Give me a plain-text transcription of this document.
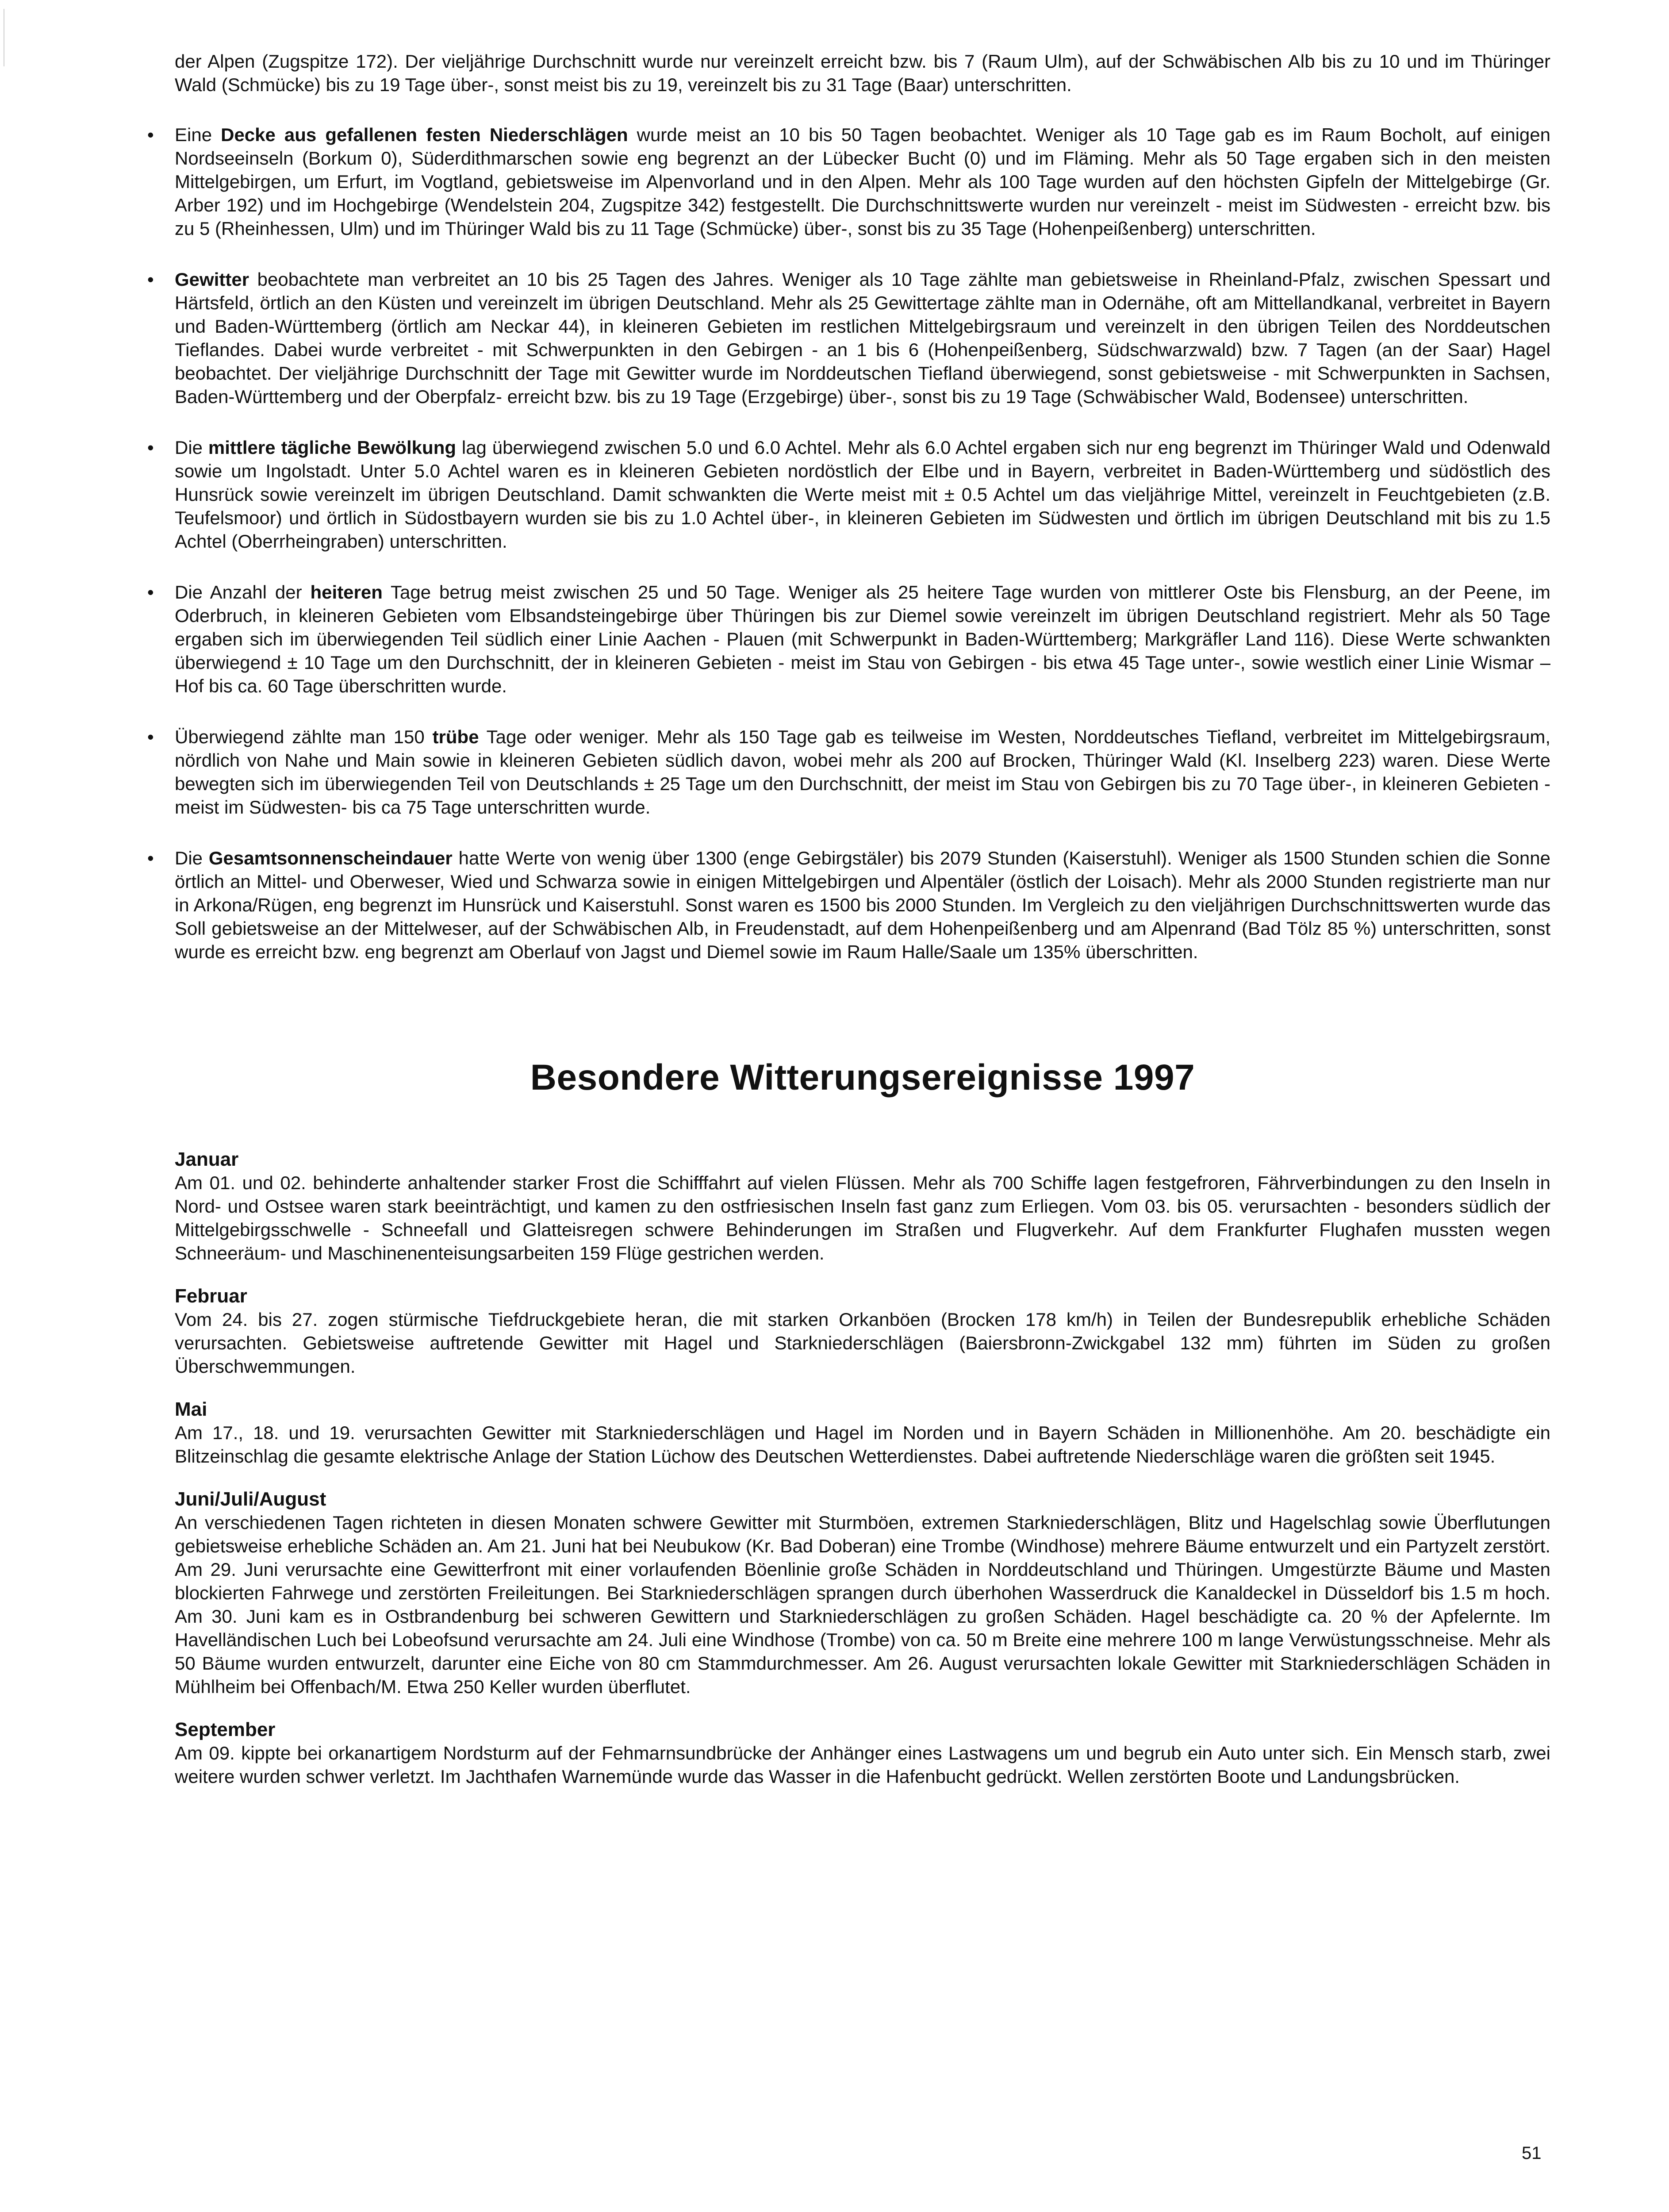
der Alpen (Zugspitze 172). Der vieljährige Durchschnitt wurde nur vereinzelt erreicht bzw. bis 7 (Raum Ulm), auf der Schwäbischen Alb bis zu 10 und im Thüringer Wald (Schmücke) bis zu 19 Tage über-, sonst meist bis zu 19, vereinzelt bis zu 31 Tage (Baar) unterschritten.

• Eine Decke aus gefallenen festen Niederschlägen wurde meist an 10 bis 50 Tagen beobachtet. Weniger als 10 Tage gab es im Raum Bocholt, auf einigen Nordseeinseln (Borkum 0), Süderdithmarschen sowie eng begrenzt an der Lübecker Bucht (0) und im Fläming. Mehr als 50 Tage ergaben sich in den meisten Mittelgebirgen, um Erfurt, im Vogtland, gebietsweise im Alpenvorland und in den Alpen. Mehr als 100 Tage wurden auf den höchsten Gipfeln der Mittelgebirge (Gr. Arber 192) und im Hochgebirge (Wendelstein 204, Zugspitze 342) festgestellt. Die Durchschnittswerte wurden nur vereinzelt - meist im Südwesten - erreicht bzw. bis zu 5 (Rheinhessen, Ulm) und im Thüringer Wald bis zu 11 Tage (Schmücke) über-, sonst bis zu 35 Tage (Hohenpeißenberg) unterschritten.

• Gewitter beobachtete man verbreitet an 10 bis 25 Tagen des Jahres. Weniger als 10 Tage zählte man gebietsweise in Rheinland-Pfalz, zwischen Spessart und Härtsfeld, örtlich an den Küsten und vereinzelt im übrigen Deutschland. Mehr als 25 Gewittertage zählte man in Odernähe, oft am Mittellandkanal, verbreitet in Bayern und Baden-Württemberg (örtlich am Neckar 44), in kleineren Gebieten im restlichen Mittelgebirgsraum und vereinzelt in den übrigen Teilen des Norddeutschen Tieflandes. Dabei wurde verbreitet - mit Schwerpunkten in den Gebirgen - an 1 bis 6 (Hohenpeißenberg, Südschwarzwald) bzw. 7 Tagen (an der Saar) Hagel beobachtet. Der vieljährige Durchschnitt der Tage mit Gewitter wurde im Norddeutschen Tiefland überwiegend, sonst gebietsweise - mit Schwerpunkten in Sachsen, Baden-Württemberg und der Oberpfalz- erreicht bzw. bis zu 19 Tage (Erzgebirge) über-, sonst bis zu 19 Tage (Schwäbischer Wald, Bodensee) unterschritten.

• Die mittlere tägliche Bewölkung lag überwiegend zwischen 5.0 und 6.0 Achtel. Mehr als 6.0 Achtel ergaben sich nur eng begrenzt im Thüringer Wald und Odenwald sowie um Ingolstadt. Unter 5.0 Achtel waren es in kleineren Gebieten nordöstlich der Elbe und in Bayern, verbreitet in Baden-Württemberg und südöstlich des Hunsrück sowie vereinzelt im übrigen Deutschland. Damit schwankten die Werte meist mit ± 0.5 Achtel um das vieljährige Mittel, vereinzelt in Feuchtgebieten (z.B. Teufelsmoor) und örtlich in Südostbayern wurden sie bis zu 1.0 Achtel über-, in kleineren Gebieten im Südwesten und örtlich im übrigen Deutschland mit bis zu 1.5 Achtel (Oberrheingraben) unterschritten.

• Die Anzahl der heiteren Tage betrug meist zwischen 25 und 50 Tage. Weniger als 25 heitere Tage wurden von mittlerer Oste bis Flensburg, an der Peene, im Oderbruch, in kleineren Gebieten vom Elbsandsteingebirge über Thüringen bis zur Diemel sowie vereinzelt im übrigen Deutschland registriert. Mehr als 50 Tage ergaben sich im überwiegenden Teil südlich einer Linie Aachen - Plauen (mit Schwerpunkt in Baden-Württemberg; Markgräfler Land 116). Diese Werte schwankten überwiegend ± 10 Tage um den Durchschnitt, der in kleineren Gebieten - meist im Stau von Gebirgen - bis etwa 45 Tage unter-, sowie westlich einer Linie Wismar – Hof bis ca. 60 Tage überschritten wurde.

• Überwiegend zählte man 150 trübe Tage oder weniger. Mehr als 150 Tage gab es teilweise im Westen, Norddeutsches Tiefland, verbreitet im Mittelgebirgsraum, nördlich von Nahe und Main sowie in kleineren Gebieten südlich davon, wobei mehr als 200 auf Brocken, Thüringer Wald (Kl. Inselberg 223) waren. Diese Werte bewegten sich im überwiegenden Teil von Deutschlands ± 25 Tage um den Durchschnitt, der meist im Stau von Gebirgen bis zu 70 Tage über-, in kleineren Gebieten -meist im Südwesten- bis ca 75 Tage unterschritten wurde.

• Die Gesamtsonnenscheindauer hatte Werte von wenig über 1300 (enge Gebirgstäler) bis 2079 Stunden (Kaiserstuhl). Weniger als 1500 Stunden schien die Sonne örtlich an Mittel- und Oberweser, Wied und Schwarza sowie in einigen Mittelgebirgen und Alpentäler (östlich der Loisach). Mehr als 2000 Stunden registrierte man nur in Arkona/Rügen, eng begrenzt im Hunsrück und Kaiserstuhl. Sonst waren es 1500 bis 2000 Stunden. Im Vergleich zu den vieljährigen Durchschnittswerten wurde das Soll gebietsweise an der Mittelweser, auf der Schwäbischen Alb, in Freudenstadt, auf dem Hohenpeißenberg und am Alpenrand (Bad Tölz 85 %) unterschritten, sonst wurde es erreicht bzw. eng begrenzt am Oberlauf von Jagst und Diemel sowie im Raum Halle/Saale um 135% überschritten.

Besondere Witterungsereignisse 1997
Januar

Am 01. und 02. behinderte anhaltender starker Frost die Schifffahrt auf vielen Flüssen. Mehr als 700 Schiffe lagen festgefroren, Fährverbindungen zu den Inseln in Nord- und Ostsee waren stark beeinträchtigt, und kamen zu den ostfriesischen Inseln fast ganz zum Erliegen. Vom 03. bis 05. verursachten - besonders südlich der Mittelgebirgsschwelle - Schneefall und Glatteisregen schwere Behinderungen im Straßen und Flugverkehr. Auf dem Frankfurter Flughafen mussten wegen Schneeräum- und Maschinenenteisungsarbeiten 159 Flüge gestrichen werden.

Februar

Vom 24. bis 27. zogen stürmische Tiefdruckgebiete heran, die mit starken Orkanböen (Brocken 178 km/h) in Teilen der Bundesrepublik erhebliche Schäden verursachten. Gebietsweise auftretende Gewitter mit Hagel und Starkniederschlägen (Baiersbronn-Zwickgabel 132 mm) führten im Süden zu großen Überschwemmungen.

Mai

Am 17., 18. und 19. verursachten Gewitter mit Starkniederschlägen und Hagel im Norden und in Bayern Schäden in Millionenhöhe. Am 20. beschädigte ein Blitzeinschlag die gesamte elektrische Anlage der Station Lüchow des Deutschen Wetterdienstes. Dabei auftretende Niederschläge waren die größten seit 1945.

Juni/Juli/August

An verschiedenen Tagen richteten in diesen Monaten schwere Gewitter mit Sturmböen, extremen Starkniederschlägen, Blitz und Hagelschlag sowie Überflutungen gebietsweise erhebliche Schäden an. Am 21. Juni hat bei Neubukow (Kr. Bad Doberan) eine Trombe (Windhose) mehrere Bäume entwurzelt und ein Partyzelt zerstört. Am 29. Juni verursachte eine Gewitterfront mit einer vorlaufenden Böenlinie große Schäden in Norddeutschland und Thüringen. Umgestürzte Bäume und Masten blockierten Fahrwege und zerstörten Freileitungen. Bei Starkniederschlägen sprangen durch überhohen Wasserdruck die Kanaldeckel in Düsseldorf bis 1.5 m hoch. Am 30. Juni kam es in Ostbrandenburg bei schweren Gewittern und Starkniederschlägen zu großen Schäden. Hagel beschädigte ca. 20 % der Apfelernte. Im Havelländischen Luch bei Lobeofsund verursachte am 24. Juli eine Windhose (Trombe) von ca. 50 m Breite eine mehrere 100 m lange Verwüstungsschneise. Mehr als 50 Bäume wurden entwurzelt, darunter eine Eiche von 80 cm Stammdurchmesser. Am 26. August verursachten lokale Gewitter mit Starkniederschlägen Schäden in Mühlheim bei Offenbach/M. Etwa 250 Keller wurden überflutet.

September

Am 09. kippte bei orkanartigem Nordsturm auf der Fehmarnsundbrücke der Anhänger eines Lastwagens um und begrub ein Auto unter sich. Ein Mensch starb, zwei weitere wurden schwer verletzt. Im Jachthafen Warnemünde wurde das Wasser in die Hafenbucht gedrückt. Wellen zerstörten Boote und Landungsbrücken.

51
